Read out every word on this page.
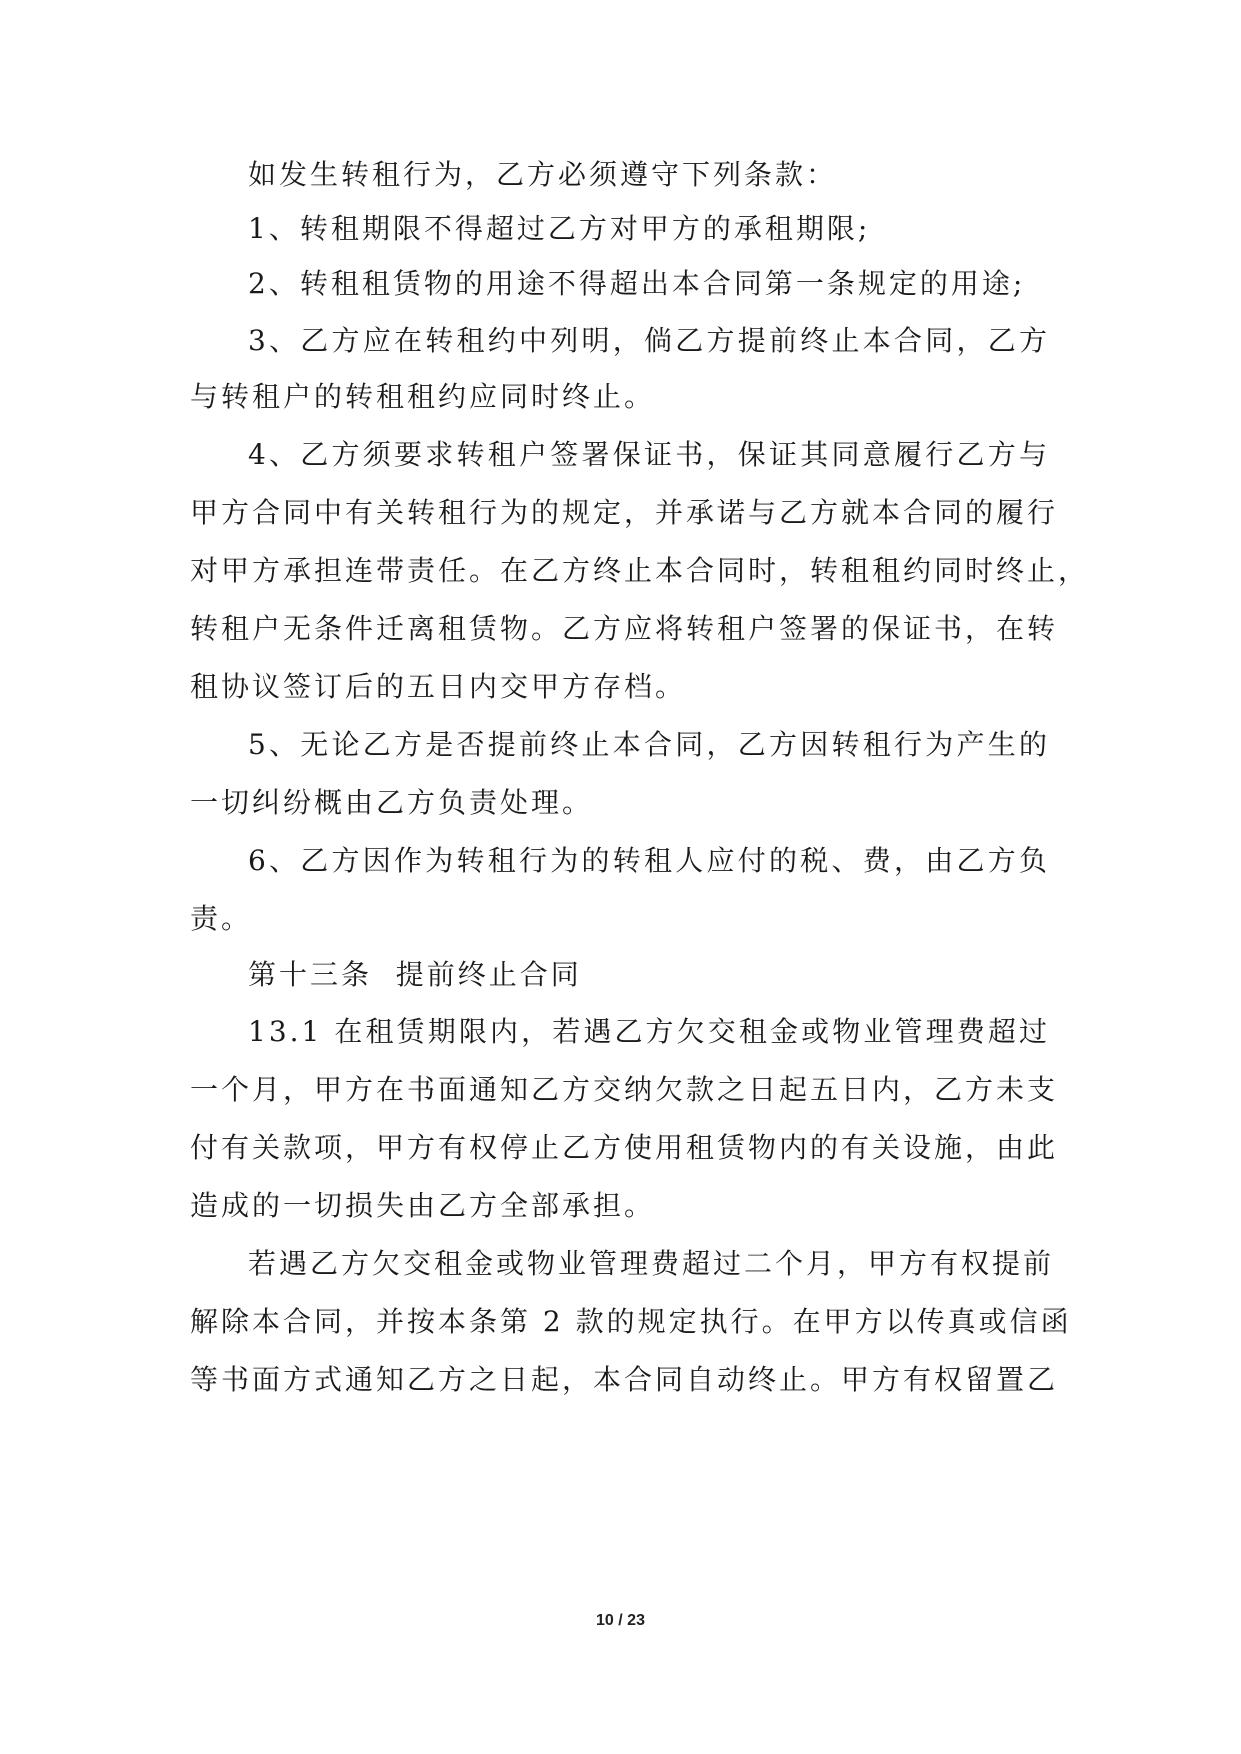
如发生转租行为，乙方必须遵守下列条款：
1、转租期限不得超过乙方对甲方的承租期限;
2、转租租赁物的用途不得超出本合同第一条规定的用途;
3、乙方应在转租约中列明，倘乙方提前终止本合同，乙方
与转租户的转租租约应同时终止。
4、乙方须要求转租户签署保证书，保证其同意履行乙方与
甲方合同中有关转租行为的规定，并承诺与乙方就本合同的履行
对甲方承担连带责任。在乙方终止本合同时，转租租约同时终止，
转租户无条件迁离租赁物。乙方应将转租户签署的保证书，在转
租协议签订后的五日内交甲方存档。
5、无论乙方是否提前终止本合同，乙方因转租行为产生的
一切纠纷概由乙方负责处理。
6、乙方因作为转租行为的转租人应付的税、费，由乙方负
责。
第十三条  提前终止合同
13.1 在租赁期限内，若遇乙方欠交租金或物业管理费超过
一个月，甲方在书面通知乙方交纳欠款之日起五日内，乙方未支
付有关款项，甲方有权停止乙方使用租赁物内的有关设施，由此
造成的一切损失由乙方全部承担。
若遇乙方欠交租金或物业管理费超过二个月，甲方有权提前
解除本合同，并按本条第 2 款的规定执行。在甲方以传真或信函
等书面方式通知乙方之日起，本合同自动终止。甲方有权留置乙
10 / 23
